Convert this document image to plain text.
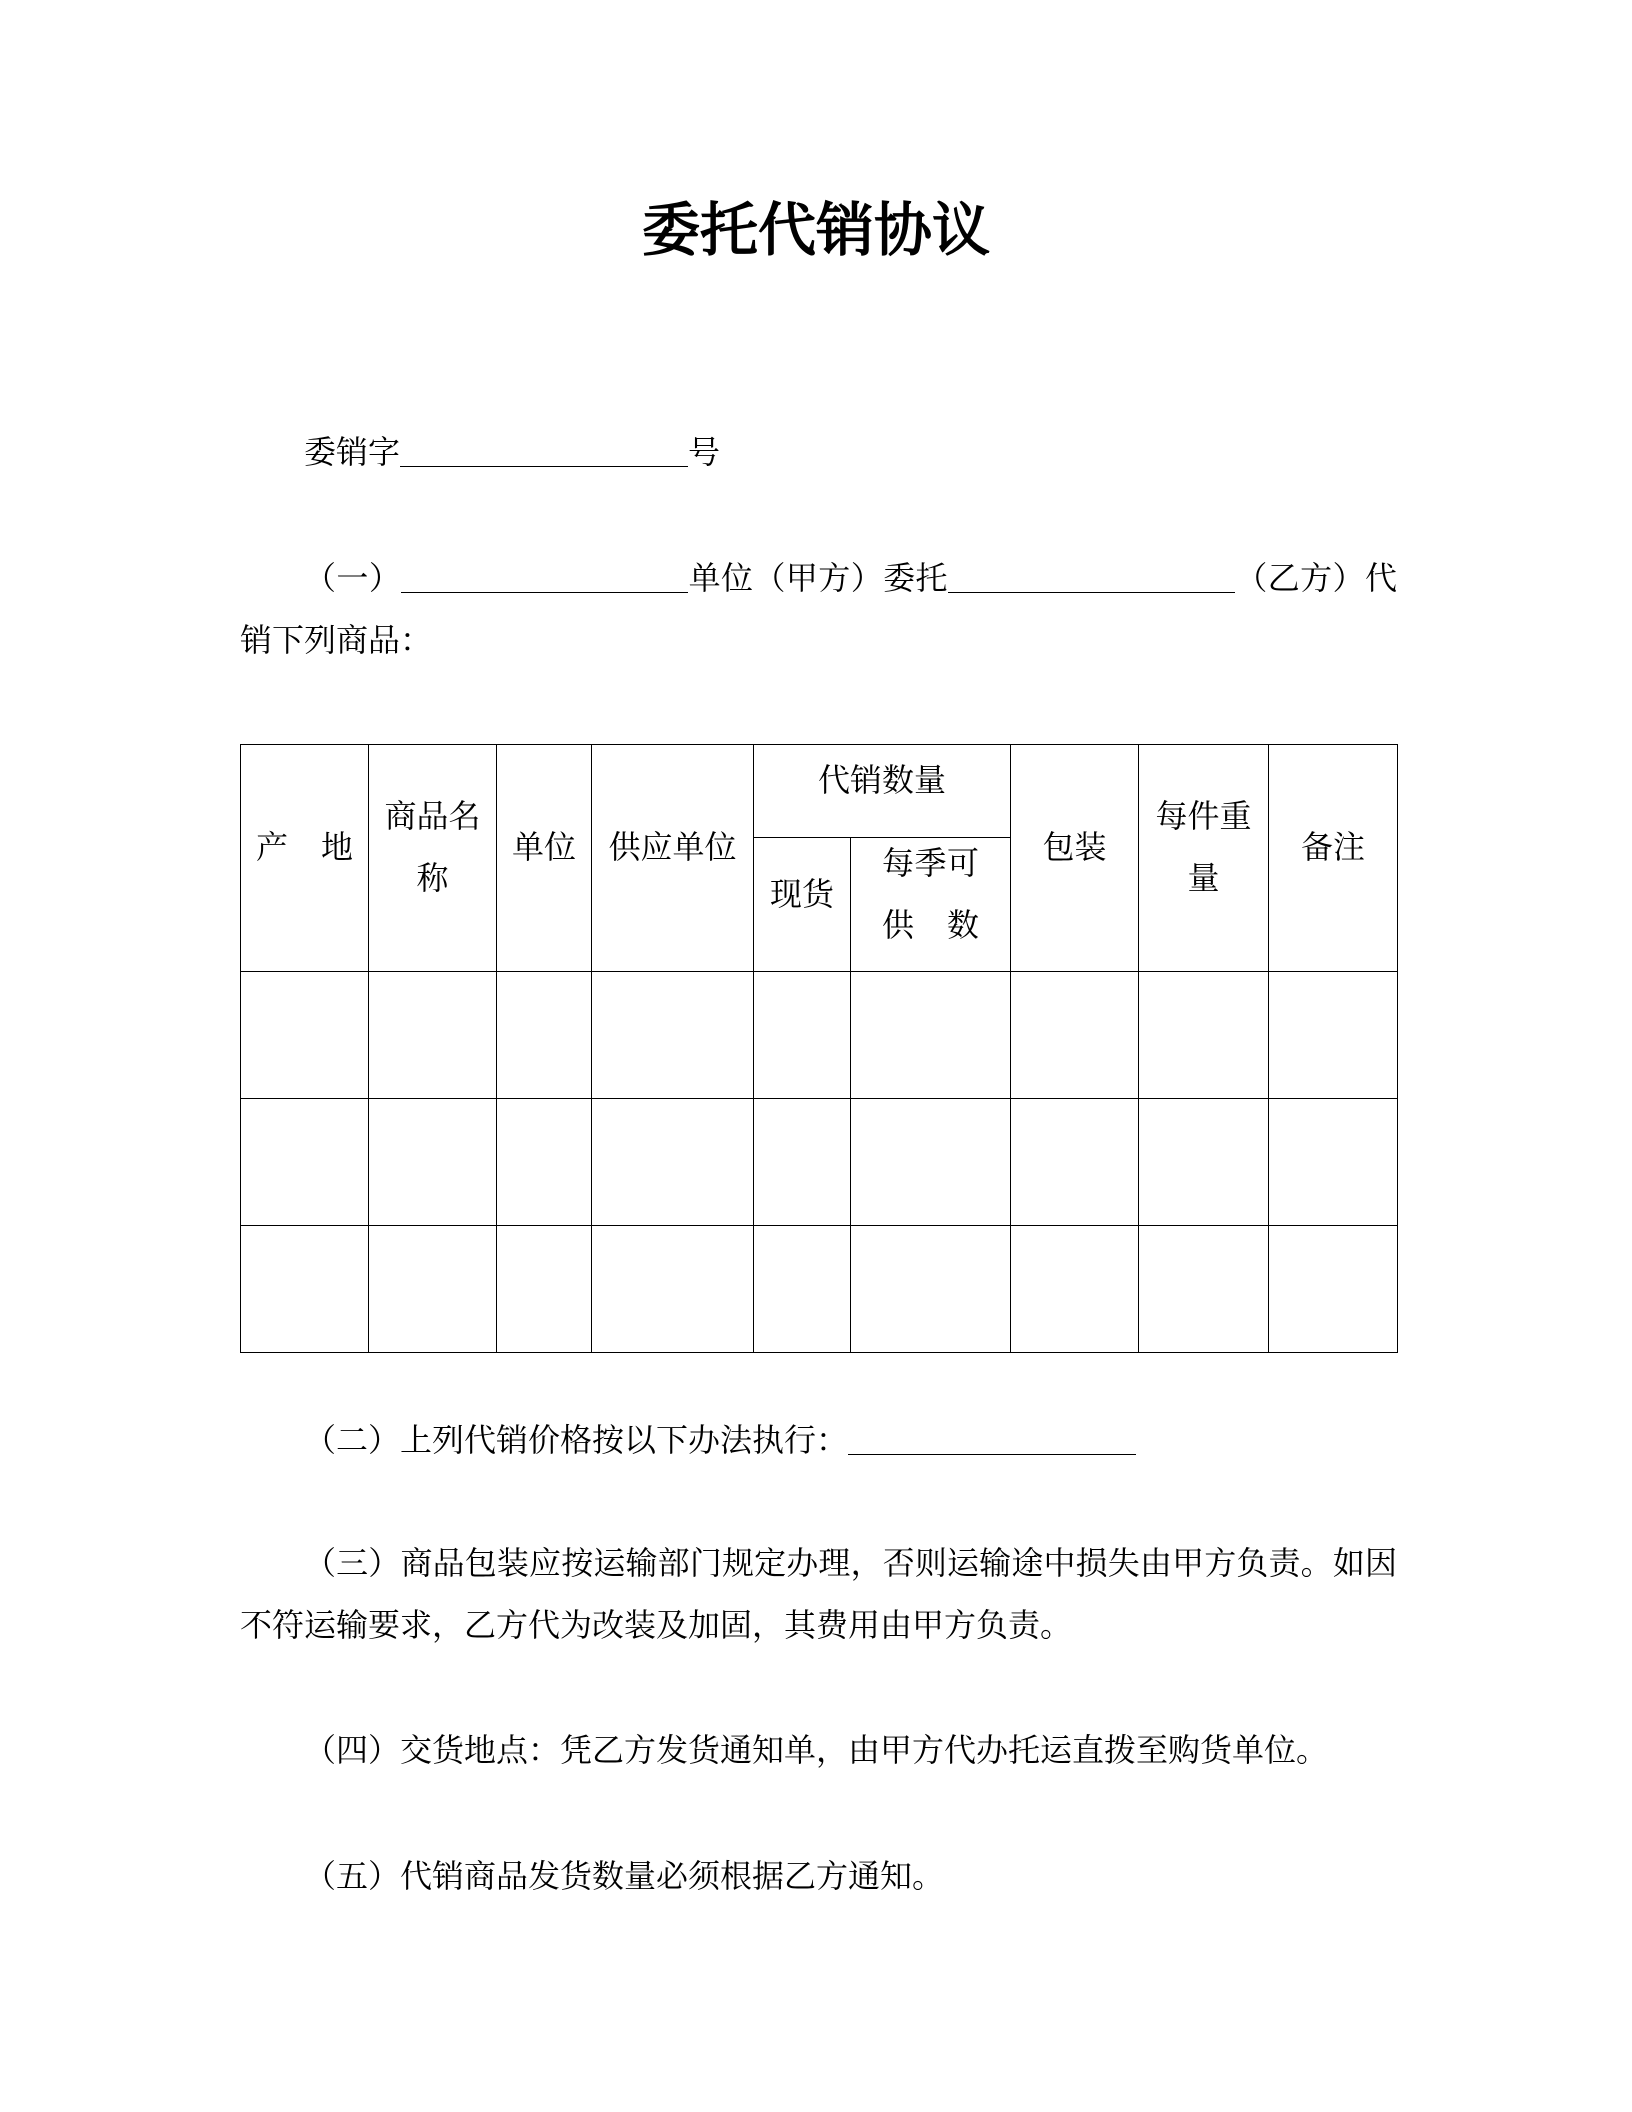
委托代销协议
委销字	号
（一）	单位（甲方）委托	（乙方）代
销下列商品：
产地	商品名称	单位	供应单位	代销数量		包装	每件重量	备注

				现货	每季可供数			

（二）上列代销价格按以下办法执行：
（三）商品包装应按运输部门规定办理，否则运输途中损失由甲方负责。如因
不符运输要求，乙方代为改装及加固，其费用由甲方负责。
（四）交货地点：凭乙方发货通知单，由甲方代办托运直拨至购货单位。
（五）代销商品发货数量必须根据乙方通知。
